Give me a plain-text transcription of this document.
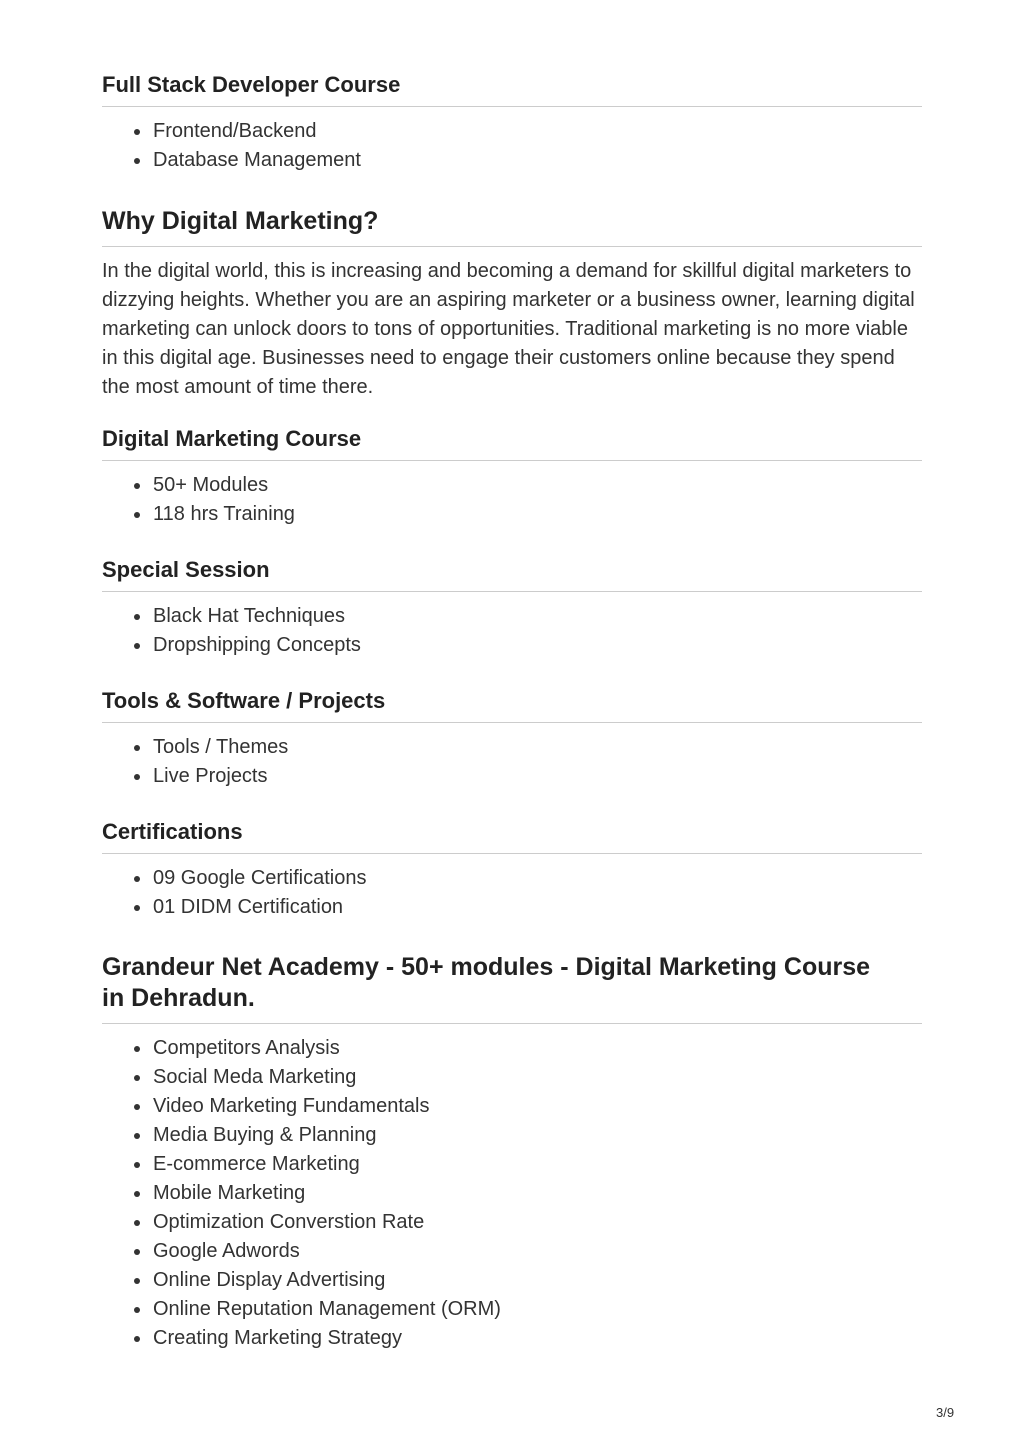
Full Stack Developer Course
Frontend/Backend
Database Management
Why Digital Marketing?

In the digital world, this is increasing and becoming a demand for skillful digital marketers to dizzying heights. Whether you are an aspiring marketer or a business owner, learning digital marketing can unlock doors to tons of opportunities. Traditional marketing is no more viable in this digital age. Businesses need to engage their customers online because they spend the most amount of time there.

Digital Marketing Course
50+ Modules
118 hrs Training
Special Session
Black Hat Techniques
Dropshipping Concepts
Tools & Software / Projects
Tools / Themes
Live Projects
Certifications
09 Google Certifications
01 DIDM Certification
Grandeur Net Academy - 50+ modules - Digital Marketing Course
in Dehradun.
Competitors Analysis
Social Meda Marketing
Video Marketing Fundamentals
Media Buying & Planning
E-commerce Marketing
Mobile Marketing
Optimization Converstion Rate
Google Adwords
Online Display Advertising
Online Reputation Management (ORM)
Creating Marketing Strategy
3/9
